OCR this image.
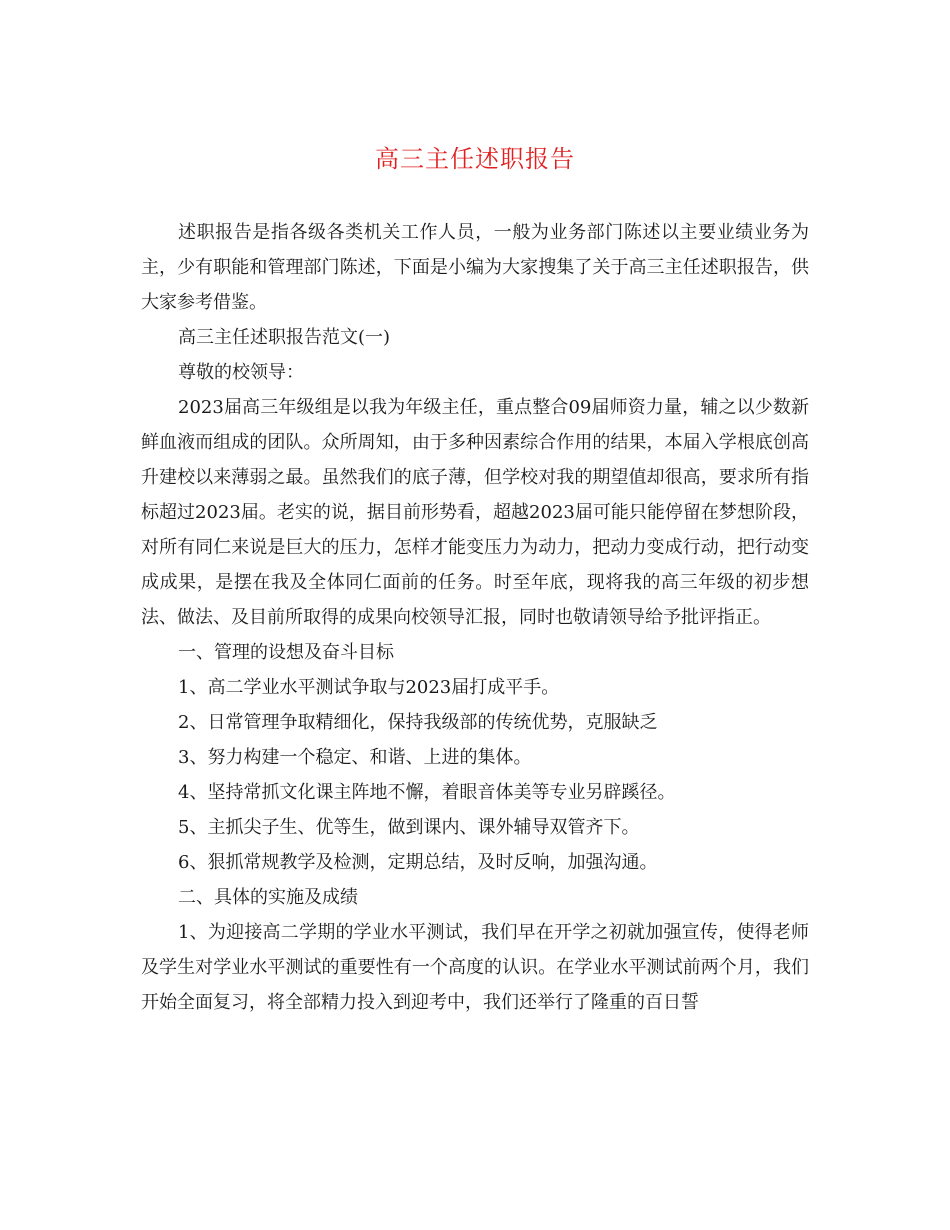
高三主任述职报告

述职报告是指各级各类机关工作人员，一般为业务部门陈述以主要业绩业务为主，少有职能和管理部门陈述，下面是小编为大家搜集了关于高三主任述职报告，供大家参考借鉴。

高三主任述职报告范文(一)

尊敬的校领导：

2023届高三年级组是以我为年级主任，重点整合09届师资力量，辅之以少数新鲜血液而组成的团队。众所周知，由于多种因素综合作用的结果，本届入学根底创高升建校以来薄弱之最。虽然我们的底子薄，但学校对我的期望值却很高，要求所有指标超过2023届。老实的说，据目前形势看，超越2023届可能只能停留在梦想阶段，对所有同仁来说是巨大的压力，怎样才能变压力为动力，把动力变成行动，把行动变成成果，是摆在我及全体同仁面前的任务。时至年底，现将我的高三年级的初步想法、做法、及目前所取得的成果向校领导汇报，同时也敬请领导给予批评指正。

一、管理的设想及奋斗目标

1、高二学业水平测试争取与2023届打成平手。

2、日常管理争取精细化，保持我级部的传统优势，克服缺乏

3、努力构建一个稳定、和谐、上进的集体。

4、坚持常抓文化课主阵地不懈，着眼音体美等专业另辟蹊径。

5、主抓尖子生、优等生，做到课内、课外辅导双管齐下。

6、狠抓常规教学及检测，定期总结，及时反响，加强沟通。

二、具体的实施及成绩

1、为迎接高二学期的学业水平测试，我们早在开学之初就加强宣传，使得老师及学生对学业水平测试的重要性有一个高度的认识。在学业水平测试前两个月，我们开始全面复习，将全部精力投入到迎考中，我们还举行了隆重的百日誓
